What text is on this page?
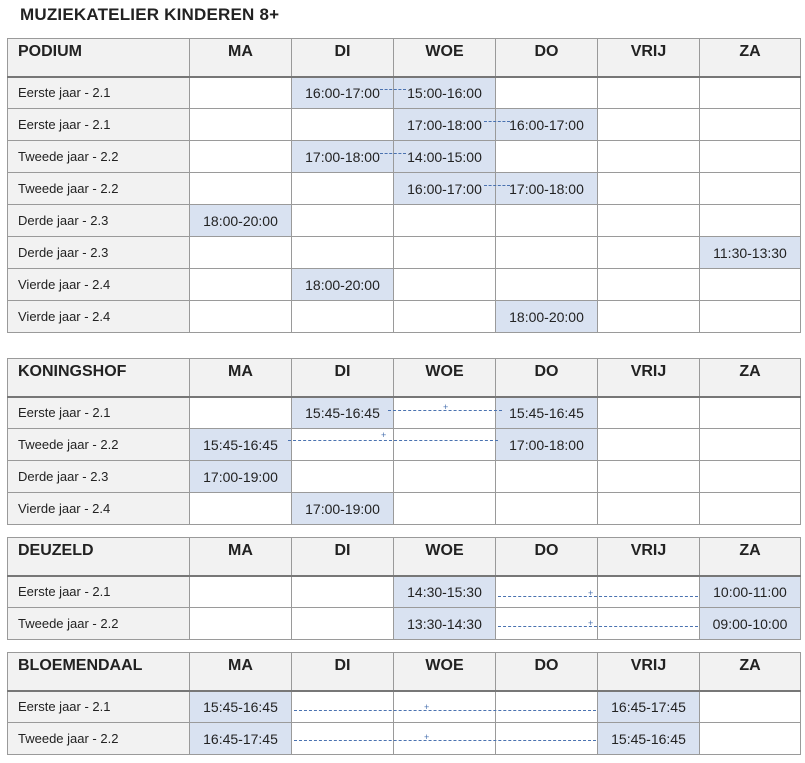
MUZIEKATELIER KINDEREN 8+
PODIUM	MA	DI	WOE	DO	VRIJ	ZA
Eerste jaar - 2.1		16:00-17:00	15:00-16:00			
Eerste jaar - 2.1			17:00-18:00	16:00-17:00		
Tweede jaar - 2.2		17:00-18:00	14:00-15:00			
Tweede jaar - 2.2			16:00-17:00	17:00-18:00		
Derde jaar - 2.3	18:00-20:00					
Derde jaar - 2.3						11:30-13:30
Vierde jaar - 2.4		18:00-20:00				
Vierde jaar - 2.4				18:00-20:00		
KONINGSHOF	MA	DI	WOE	DO	VRIJ	ZA
Eerste jaar - 2.1		15:45-16:45		15:45-16:45		
Tweede jaar - 2.2	15:45-16:45			17:00-18:00		
Derde jaar - 2.3	17:00-19:00					
Vierde jaar - 2.4		17:00-19:00				
DEUZELD	MA	DI	WOE	DO	VRIJ	ZA
Eerste jaar - 2.1			14:30-15:30			10:00-11:00
Tweede jaar - 2.2			13:30-14:30			09:00-10:00
BLOEMENDAAL	MA	DI	WOE	DO	VRIJ	ZA
Eerste jaar - 2.1	15:45-16:45				16:45-17:45	
Tweede jaar - 2.2	16:45-17:45				15:45-16:45	
+
+
+
+
+
+
